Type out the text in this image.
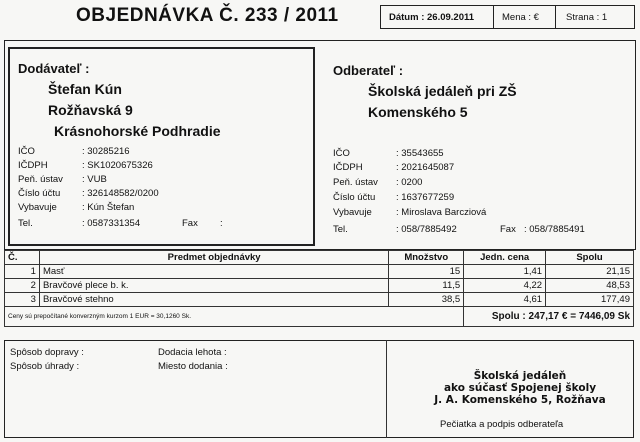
OBJEDNÁVKA Č. 233 / 2011	Dátum : 26.09.2011	Mena : €	Strana : 1
Dodávateľ :
Štefan Kún
Rožňavská 9
Krásnohorské Podhradie
IČO	: 30285216
IČDPH	: SK1020675326
Peň. ústav : VUB
Číslo účtu : 326148582/0200
Vybavuje	: Kún Štefan
Tel.	: 0587331354	Fax :
Odberateľ :
Školská jedáleň pri ZŠ
Komenského 5
IČO	: 35543655
IČDPH	: 2021645087
Peň. ústav : 0200
Číslo účtu : 1637677259
Vybavuje	: Miroslava Barcziová
Tel.	: 058/7885492	Fax : 058/7885491
Č.	Predmet objednávky	Množstvo	Jedn. cena	Spolu
1	Masť	15	1,41	21,15
2	Bravčové plece b. k.	11,5	4,22	48,53
3	Bravčové stehno	38,5	4,61	177,49
Ceny sú prepočítané konverzným kurzom 1 EUR = 30,1260 Sk.			Spolu : 247,17 € = 7446,09 Sk	
Spôsob dopravy :
Spôsob úhrady :
Dodacia lehota :
Miesto dodania :
Školská jedáleň
ako súčasť Spojenej školy
J. A. Komenského 5, Rožňava
Pečiatka a podpis odberateľa
